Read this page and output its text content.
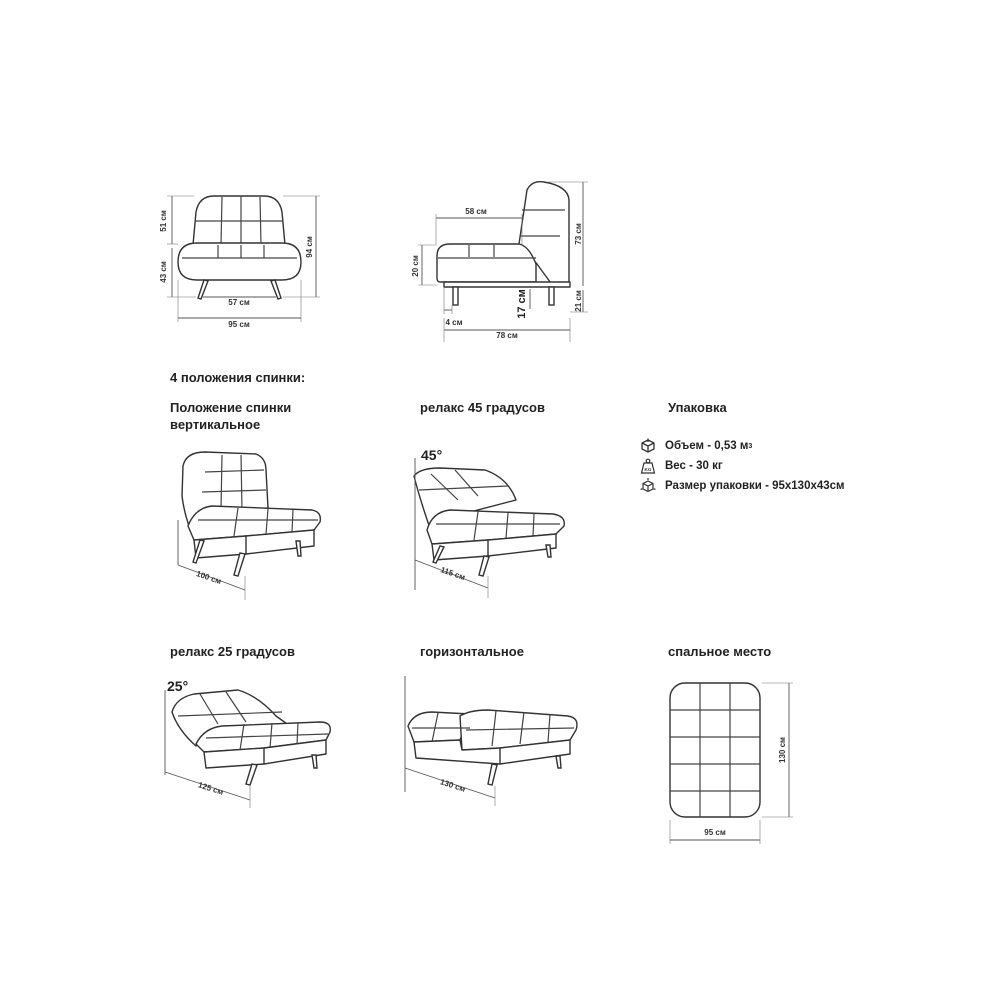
51 см
43 см
94 см
57 см
95 см
58 см
73 см
20 см
17 см	21 см
4 см
78 см
100 см
45°
115 см
25°
125 см	130 см
130 см
95 см
4 положения спинки:
Положение спинки
вертикальное
релакс 45 градусов	Упаковка
релакс 25 градусов	горизонтальное	спальное место
Объем - 0,53 м 3
KG Вес - 30 кг
Размер упаковки - 95х130х43см
